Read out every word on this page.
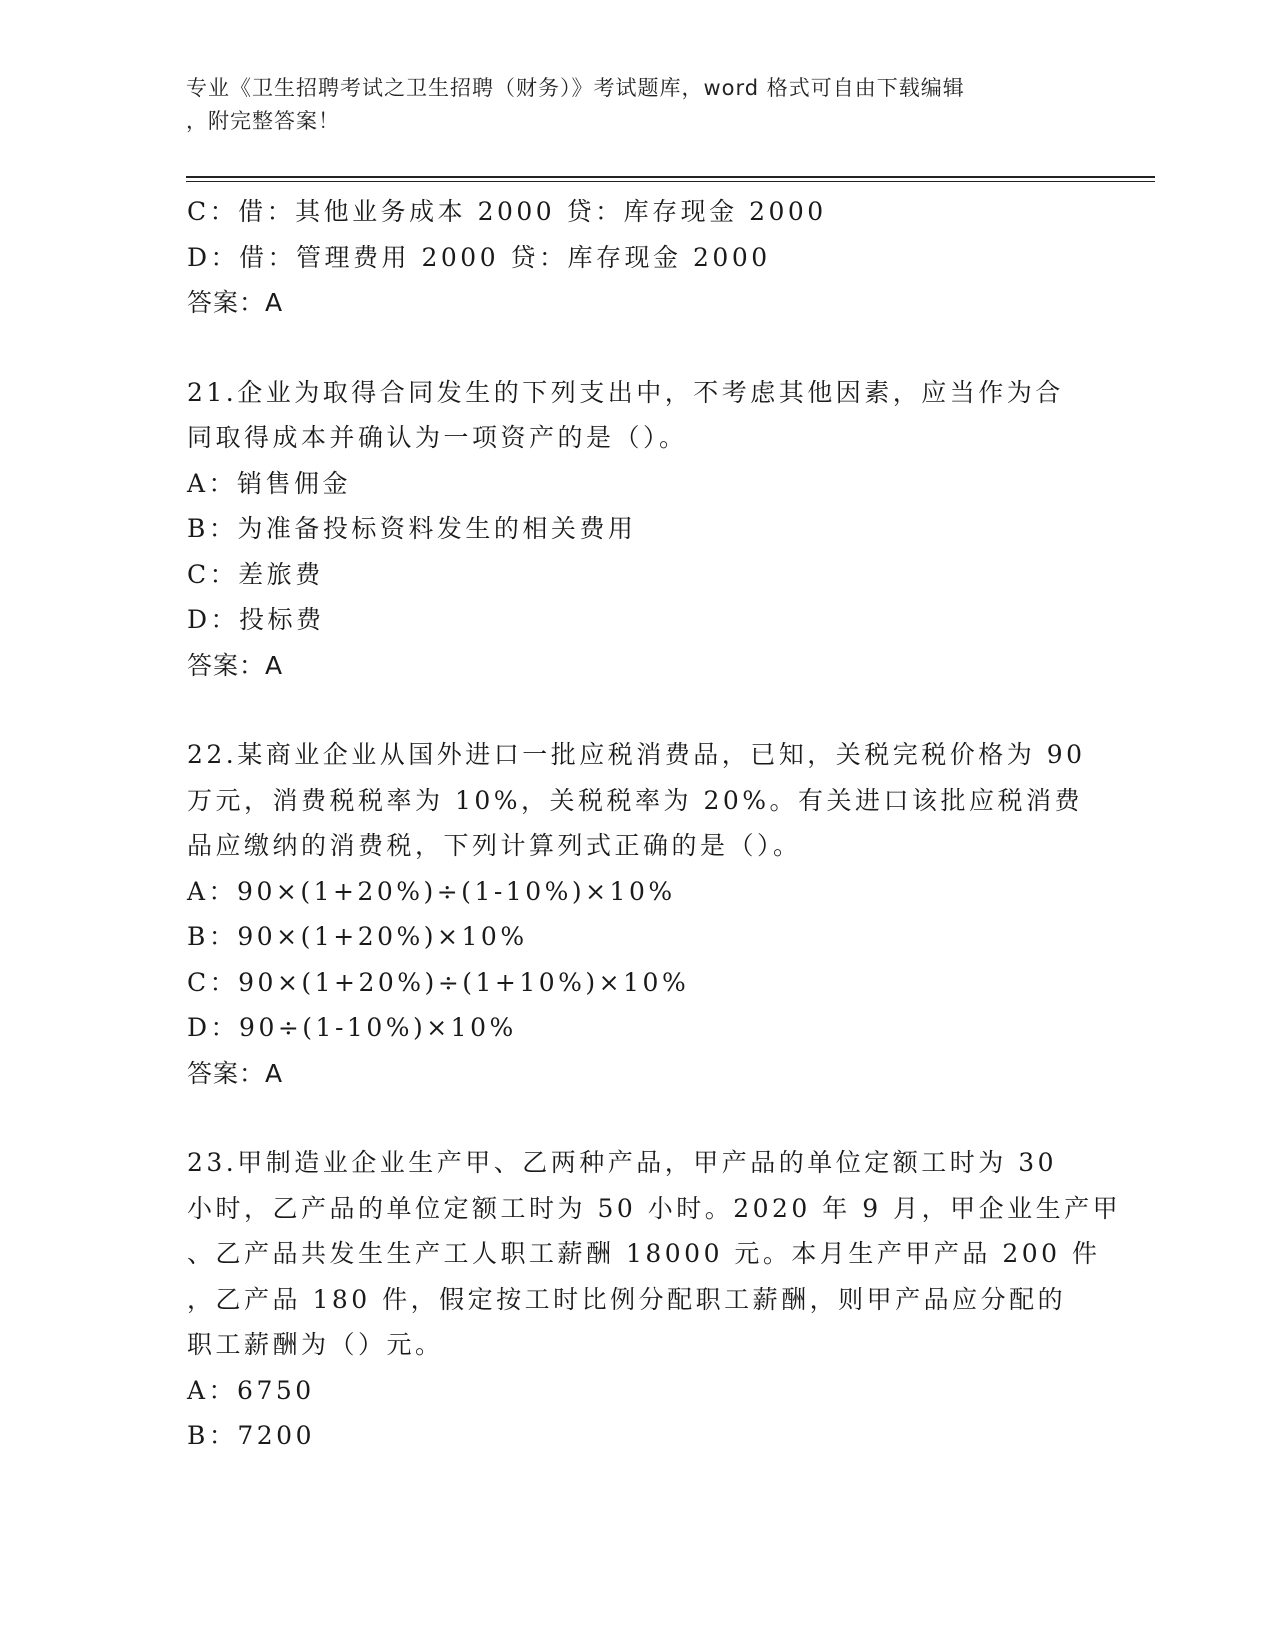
专业《卫生招聘考试之卫生招聘（财务）》考试题库，word 格式可自由下载编辑
，附完整答案！
C：借：其他业务成本 2000 贷：库存现金 2000
D：借：管理费用 2000 贷：库存现金 2000
答案：A
21.企业为取得合同发生的下列支出中，不考虑其他因素，应当作为合
同取得成本并确认为一项资产的是（）。
A：销售佣金
B：为准备投标资料发生的相关费用
C：差旅费
D：投标费
答案：A
22.某商业企业从国外进口一批应税消费品，已知，关税完税价格为 90
万元，消费税税率为 10%，关税税率为 20%。有关进口该批应税消费
品应缴纳的消费税，下列计算列式正确的是（）。
A：90×(1+20%)÷(1-10%)×10%
B：90×(1+20%)×10%
C：90×(1+20%)÷(1+10%)×10%
D：90÷(1-10%)×10%
答案：A
23.甲制造业企业生产甲、乙两种产品，甲产品的单位定额工时为 30
小时，乙产品的单位定额工时为 50 小时。2020 年 9 月，甲企业生产甲
、乙产品共发生生产工人职工薪酬 18000 元。本月生产甲产品 200 件
，乙产品 180 件，假定按工时比例分配职工薪酬，则甲产品应分配的
职工薪酬为（）元。
A：6750
B：7200
